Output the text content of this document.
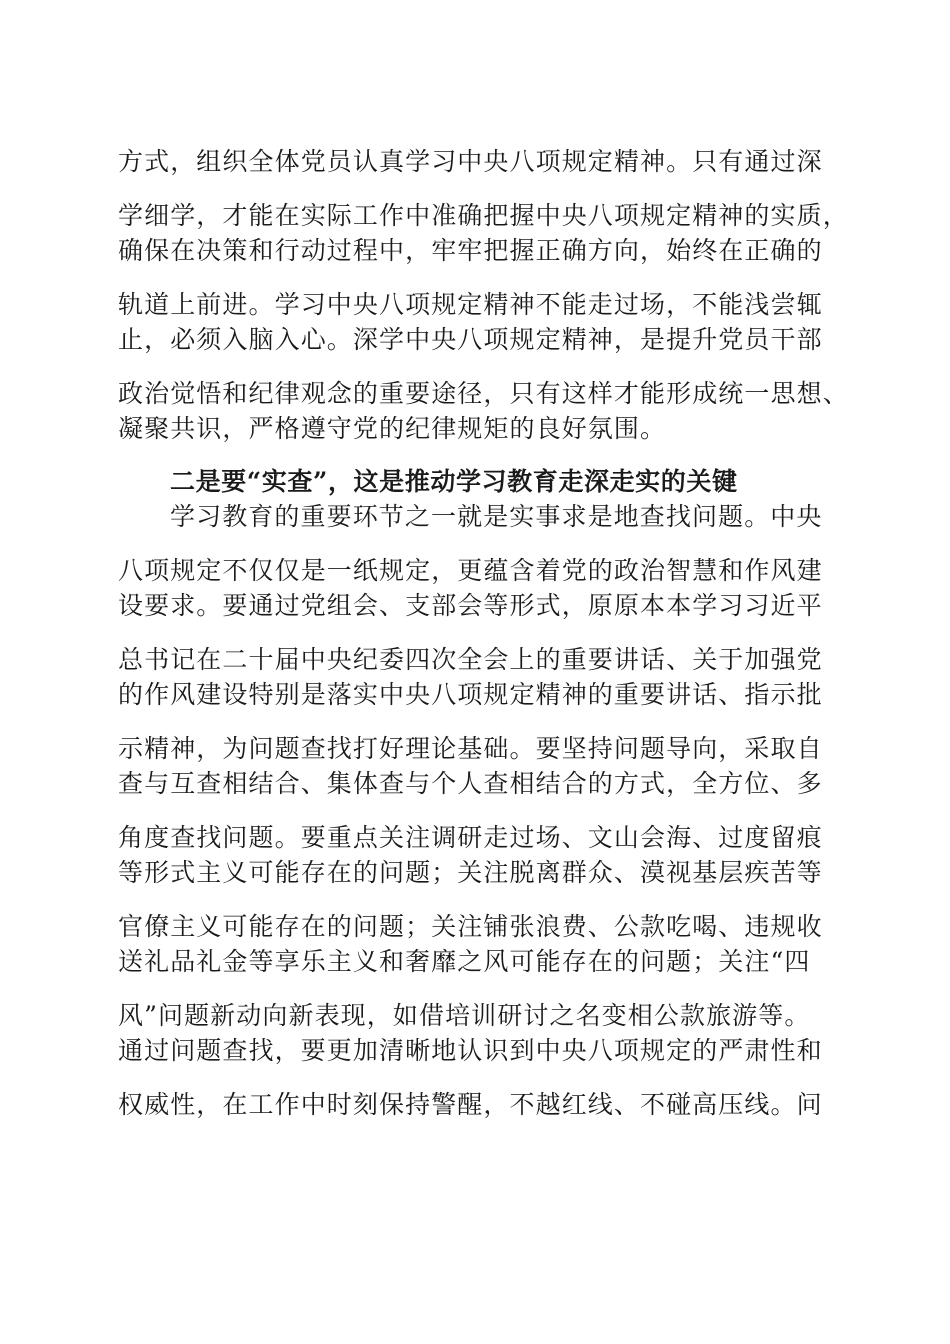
方式，组织全体党员认真学习中央八项规定精神。只有通过深
学细学，才能在实际工作中准确把握中央八项规定精神的实质，
确保在决策和行动过程中，牢牢把握正确方向，始终在正确的
轨道上前进。学习中央八项规定精神不能走过场，不能浅尝辄
止，必须入脑入心。深学中央八项规定精神，是提升党员干部
政治觉悟和纪律观念的重要途径，只有这样才能形成统一思想、
凝聚共识，严格遵守党的纪律规矩的良好氛围。
二是要“实查”，这是推动学习教育走深走实的关键
学习教育的重要环节之一就是实事求是地查找问题。中央
八项规定不仅仅是一纸规定，更蕴含着党的政治智慧和作风建
设要求。要通过党组会、支部会等形式，原原本本学习习近平
总书记在二十届中央纪委四次全会上的重要讲话、关于加强党
的作风建设特别是落实中央八项规定精神的重要讲话、指示批
示精神，为问题查找打好理论基础。要坚持问题导向，采取自
查与互查相结合、集体查与个人查相结合的方式，全方位、多
角度查找问题。要重点关注调研走过场、文山会海、过度留痕
等形式主义可能存在的问题；关注脱离群众、漠视基层疾苦等
官僚主义可能存在的问题；关注铺张浪费、公款吃喝、违规收
送礼品礼金等享乐主义和奢靡之风可能存在的问题；关注“四
风”问题新动向新表现，如借培训研讨之名变相公款旅游等。
通过问题查找，要更加清晰地认识到中央八项规定的严肃性和
权威性，在工作中时刻保持警醒，不越红线、不碰高压线。问
